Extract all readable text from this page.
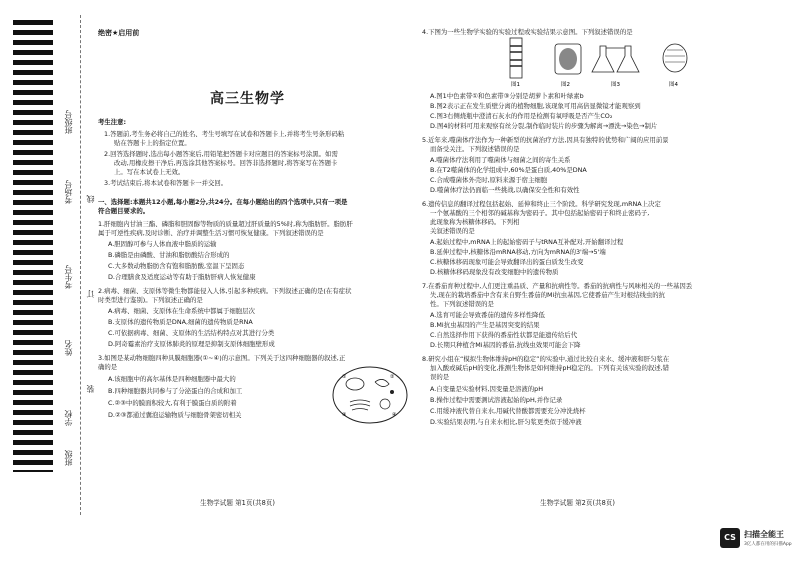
班级号
考场号
考生号
姓名
学校
班级
线
订
装
绝密★启用前
高三生物学
考生注意:
1.答题前,考生务必将自己的姓名、考生号填写在试卷和答题卡上,并将考生号条形码粘
贴在答题卡上的指定位置。
2.回答选择题时,选出每小题答案后,用铅笔把答题卡对应题目的答案标号涂黑。如需
改动,用橡皮擦干净后,再选涂其他答案标号。回答非选择题时,将答案写在答题卡
上。写在本试卷上无效。
3.考试结束后,将本试卷和答题卡一并交回。
一、选择题:本题共12小题,每小题2分,共24分。在每小题给出的四个选项中,只有一项是
符合题目要求的。
1.肝细胞内甘油三酯、磷脂和胆固醇等物质的质量超过肝质量的5%时,称为脂肪肝。脂肪肝
属于可逆性疾病,及时诊断、治疗并调整生活习惯可恢复健康。下列叙述错误的是
A.胆固醇可参与人体血液中脂质的运输
B.磷脂是由磷酸、甘油和脂肪酸结合形成的
C.大多数动物脂肪含有饱和脂肪酸,室温下呈固态
D.合理膳食及适度运动等有助于脂肪肝病人恢复健康
2.病毒、细菌、支原体等微生物都能侵入人体,引起多种疾病。下列叙述正确的是(在有症状
时类型进行鉴别)。下列叙述正确的是
A.病毒、细菌、支原体在生命系统中都属于细胞层次
B.支原体的遗传物质是DNA,细菌的遗传物质是RNA
C.可依据病毒、细菌、支原体的生活结构特点对其进行分类
D.阿奇霉素治疗支原体肺炎的原理是抑制支原体细胞壁形成
3.如图是某动物细胞四种具膜细胞器(①~④)的示意图。下列关于这四种细胞器的叙述,正
确的是
A.该细胞中的高尔基体是四种细胞器中最大的
B.四种细胞器共同参与了分泌蛋白的合成和加工
C.②③中的膜面积较大,有利于膜蛋白质的附着
D.②③都通过囊泡运输物质与细胞骨架密切相关
①	②
③	④
生物学试题 第1页(共8页)
4.下图为一些生物学实验的实验过程或实验结果示意图。下列叙述错误的是
图1	图2	图3	图4
A.图1中色素带①和色素带③分别是胡萝卜素和叶绿素b
B.图2表示正在发生质壁分离的植物细胞,该现象可用高倍显微镜才能观察到
C.图3右侧烧瓶中澄清石灰水的作用是检测有氧呼吸是否产生CO₂
D.图4的材料可用来观察有丝分裂,制作临时装片的步骤为解离→漂洗→染色→制片
5.近年来,噬菌体疗法作为一种新型的抗菌治疗方法,因具有独特的优势和广阔的应用前景
而备受关注。下列叙述错误的是
A.噬菌体疗法利用了噬菌体与细菌之间的寄生关系
B.在T2噬菌体的化学组成中,60%是蛋白质,40%是DNA
C.合成噬菌体外壳时,原料来源于宿主细胞
D.噬菌体疗法仍面临一些挑战,以确保安全性和有效性
6.遗传信息的翻译过程包括起始、延伸和终止三个阶段。科学研究发现,mRNA上决定
一个氨基酸的三个相邻的碱基称为密码子。其中包括起始密码子和终止密码子,
此现象称为核糖体移码。下列相
关叙述错误的是
A.起始过程中,mRNA上的起始密码子与tRNA互补配对,开始翻译过程
B.延伸过程中,核糖体沿mRNA移动,方向为mRNA的3'端→5'端
C.核糖体移码现象可能会导致翻译出的蛋白质发生改变
D.核糖体移码现象没有改变细胞中的遗传物质
7.在番茄育种过程中,人们更注重品质、产量和抗病性等。番茄的抗病性与风味相关的一些基因丢
失,现在的栽培番茄中含有来自野生番茄的Mi抗虫基因,它使番茄产生对根结线虫的抗
性。下列叙述错误的是
A.选育可能会导致番茄的遗传多样性降低
B.Mi抗虫基因的产生是基因突变的结果
C.自然选择作用下获得的番茄性状都是能遗传给后代
D.长期只种植含Mi基因的番茄,抗线虫效果可能会下降
8.研究小组在“模拟生物体维持pH的稳定”的实验中,通过比较自来水、缓冲液和肝匀浆在
加入酸或碱后pH的变化,推测生物体是如何维持pH稳定的。下列有关该实验的叙述,错
误的是
A.自变量是实验材料,因变量是溶液的pH
B.操作过程中需要测试溶液起始的pH,并作记录
C.用缓冲液代替自来水,用碱代替酸都需要充分冲洗烧杯
D.实验结果表明,与自来水相比,肝匀浆更类似于缓冲液
生物学试题 第2页(共8页)
CS	扫描全能王
3亿人都在用的扫描App
